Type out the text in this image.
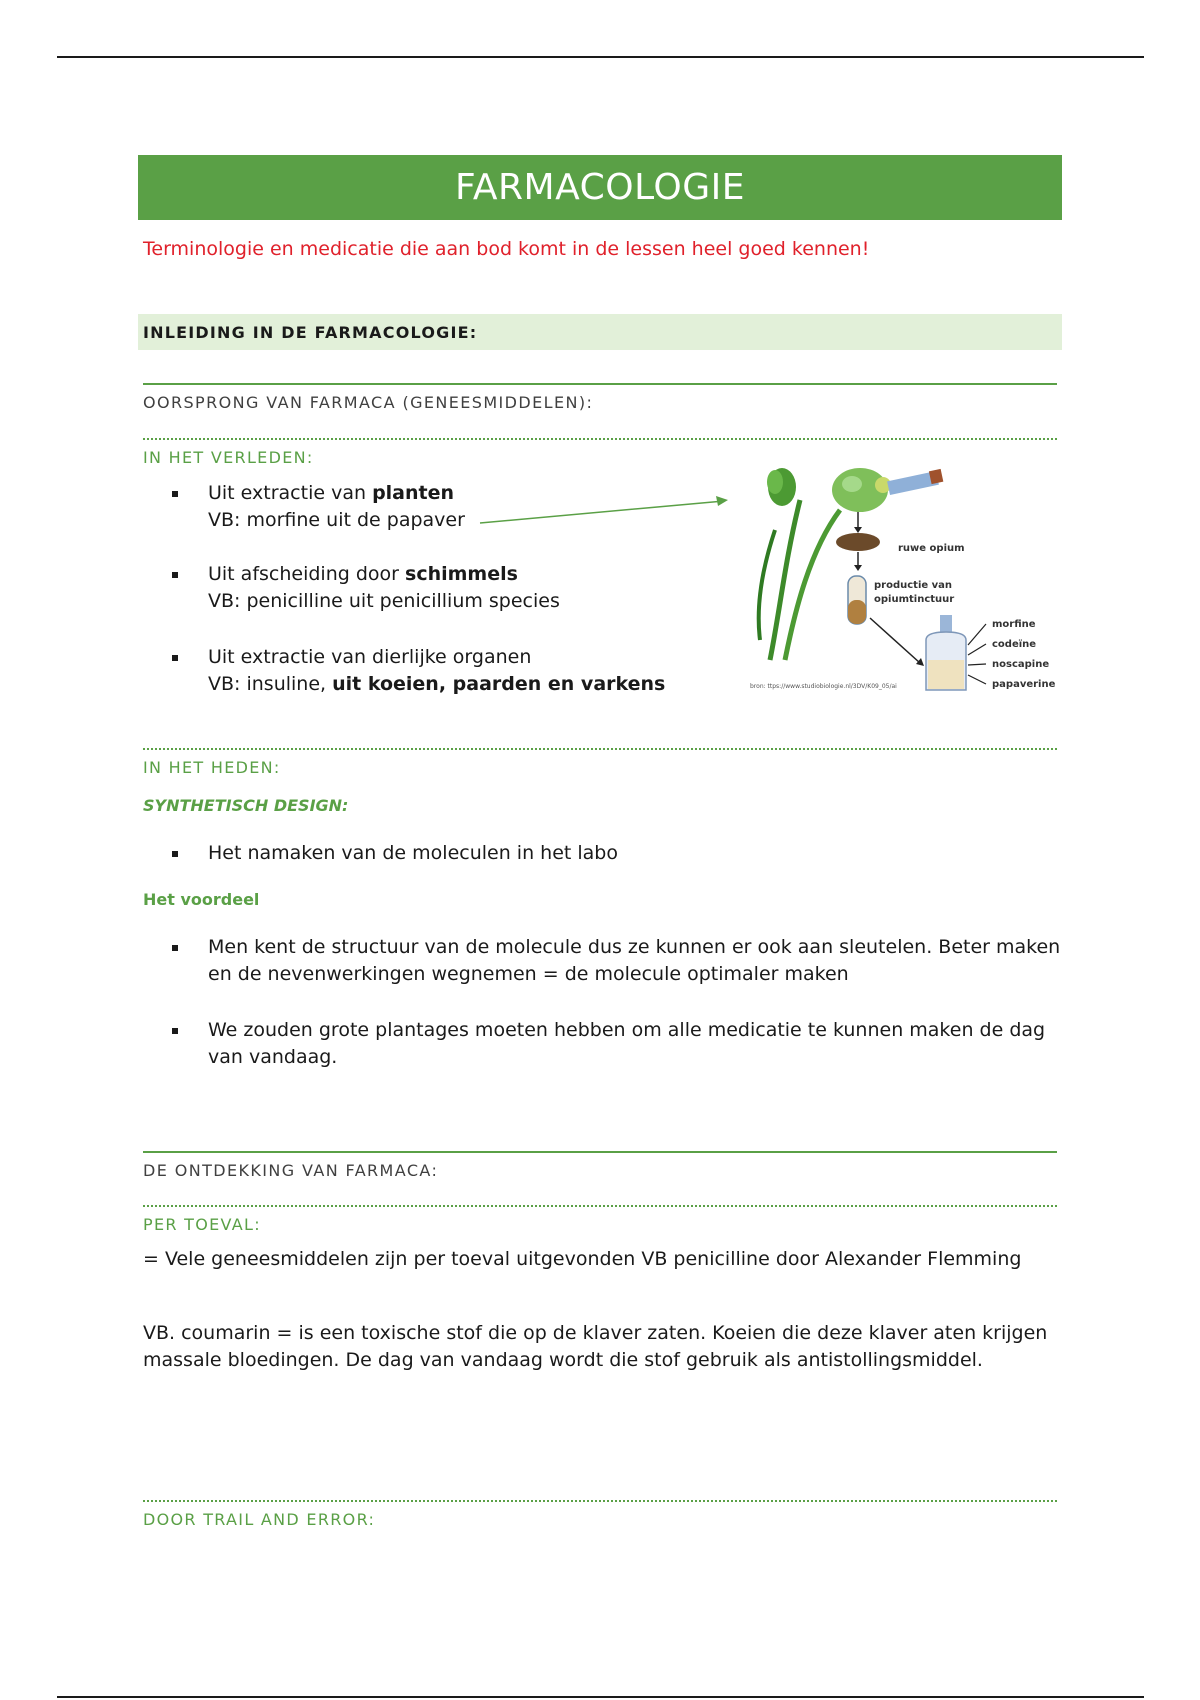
FARMACOLOGIE
Terminologie en medicatie die aan bod komt in de lessen heel goed kennen!
INLEIDING IN DE FARMACOLOGIE:
OORSPRONG VAN FARMACA (GENEESMIDDELEN):
IN HET VERLEDEN:
Uit extractie van planten
VB: morfine uit de papaver
Uit afscheiding door schimmels
VB: penicilline uit penicillium species
Uit extractie van dierlijke organen
VB: insuline, uit koeien, paarden en varkens
ruwe opium
productie van
opiumtinctuur
morfine
codeïne
noscapine
papaverine
bron: ttps://www.studiobiologie.nl/3DV/K09_05/ai
IN HET HEDEN:
SYNTHETISCH DESIGN:
Het namaken van de moleculen in het labo
Het voordeel
Men kent de structuur van de molecule dus ze kunnen er ook aan sleutelen. Beter maken en de nevenwerkingen wegnemen = de molecule optimaler maken
We zouden grote plantages moeten hebben om alle medicatie te kunnen maken de dag van vandaag.
DE ONTDEKKING VAN FARMACA:
PER TOEVAL:
= Vele geneesmiddelen zijn per toeval uitgevonden VB penicilline door Alexander Flemming
VB. coumarin = is een toxische stof die op de klaver zaten. Koeien die deze klaver aten krijgen massale bloedingen. De dag van vandaag wordt die stof gebruik als antistollingsmiddel.
DOOR TRAIL AND ERROR:
